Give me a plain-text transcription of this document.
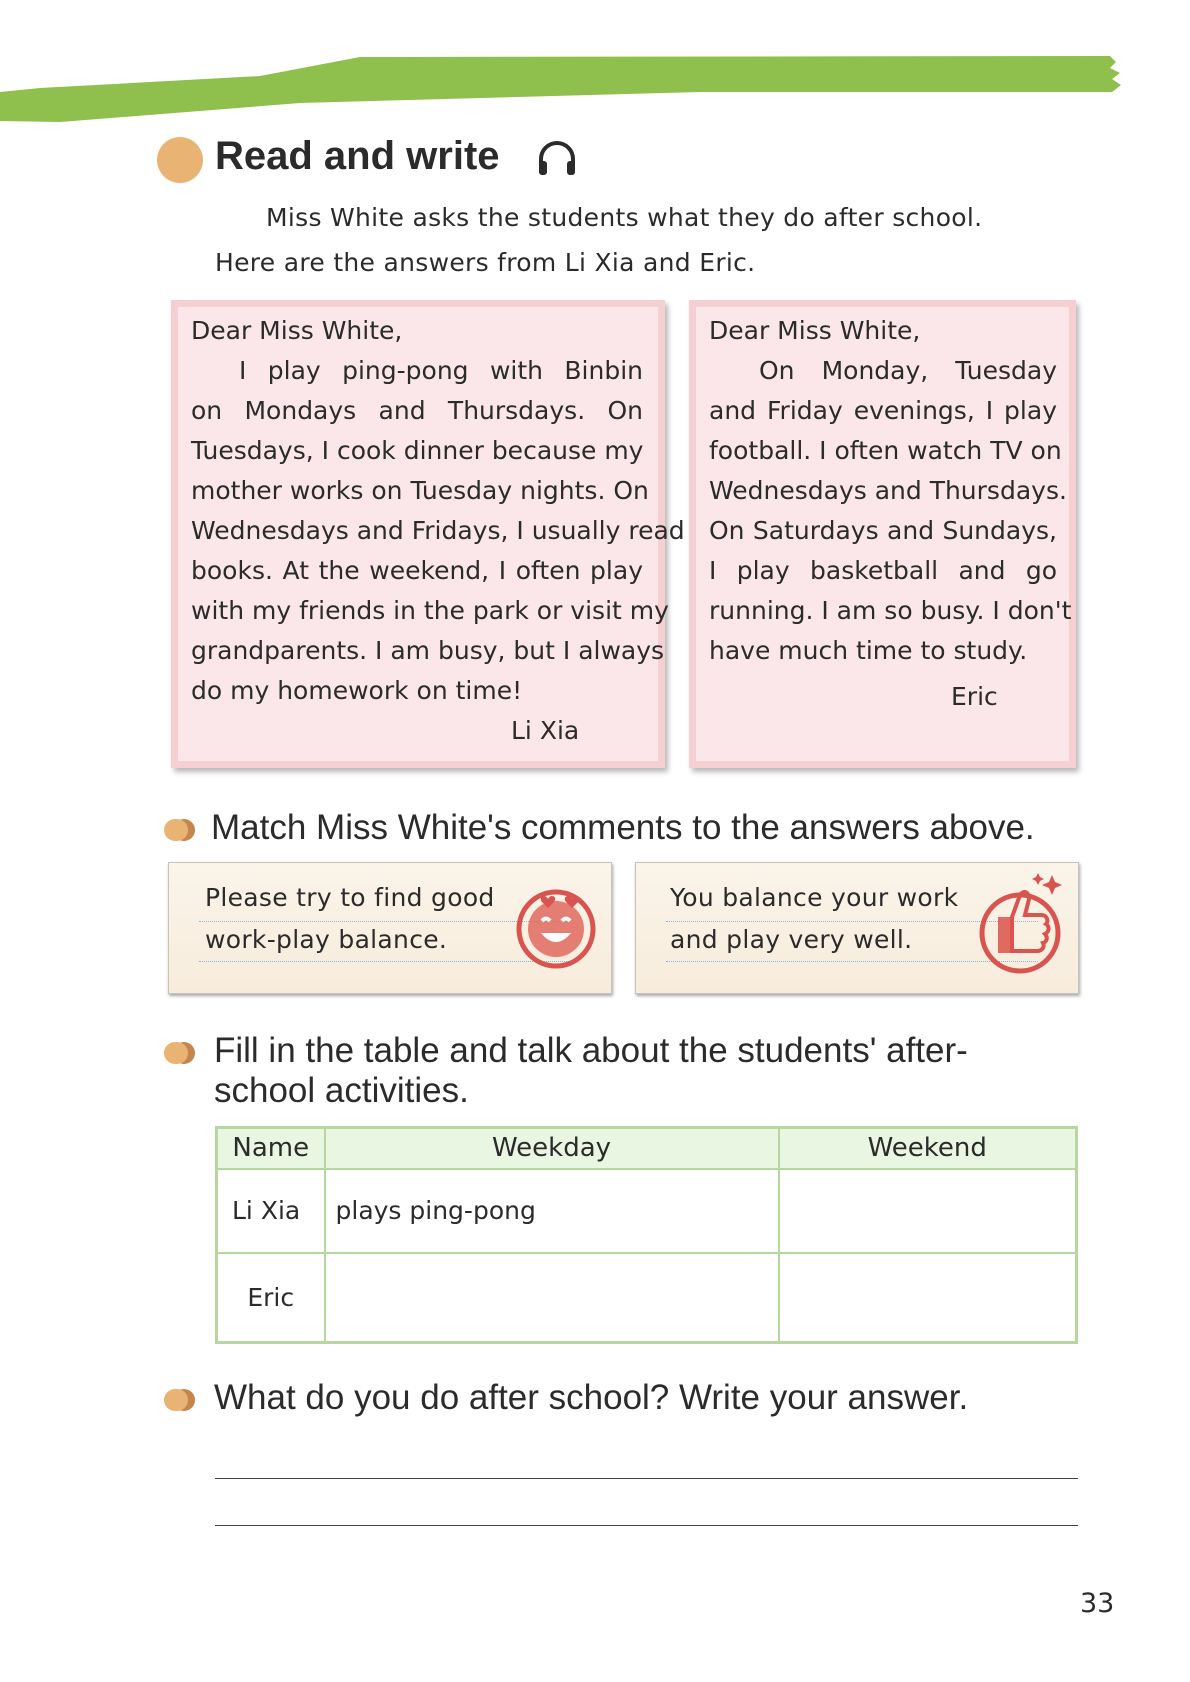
Read and write
Miss White asks the students what they do after school.
Here are the answers from Li Xia and Eric.
Dear Miss White,
I play ping-pong with Binbin
on Mondays and Thursdays. On
Tuesdays, I cook dinner because my
mother works on Tuesday nights. On
Wednesdays and Fridays, I usually read
books. At the weekend, I often play
with my friends in the park or visit my
grandparents. I am busy, but I always
do my homework on time!
Li Xia
Dear Miss White,
On Monday, Tuesday
and Friday evenings, I play
football. I often watch TV on
Wednesdays and Thursdays.
On Saturdays and Sundays,
I play basketball and go
running. I am so busy. I don't
have much time to study.
Eric
Match Miss White's comments to the answers above.
Please try to find good
work-play balance.
You balance your work
and play very well.
Fill in the table and talk about the students' after-
school activities.
Name	Weekday	Weekend
Li Xia	plays ping-pong	
Eric		
What do you do after school? Write your answer.
33
